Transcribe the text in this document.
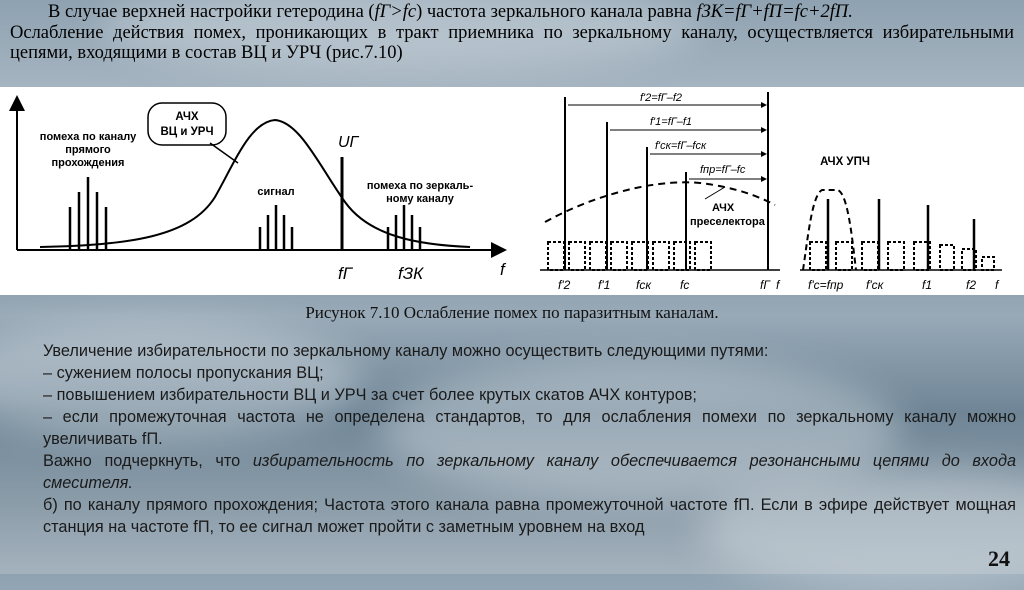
В случае верхней настройки гетеродина (fГ>fс) частота зеркального канала равна fЗК=fГ+fП=fс+2fП.

Ослабление действия помех, проникающих в тракт приемника по зеркальному каналу, осуществляется избирательными цепями, входящими в состав ВЦ и УРЧ (рис.7.10)

АЧХ
ВЦ и УРЧ
помеха по каналу
прямого
прохождения
сигнал
UГ
помеха по зеркаль-
ному каналу
fГ	fЗК	f
f'2=fГ–f2
f'1=fГ–f1
f'ск=fГ–fск
fпр=fГ–fс
АЧХ
преселектора
f'2 f'1 fск fс	fГ f
АЧХ УПЧ
f'с=fпр f'ск	f1	f2 f
Рисунок 7.10 Ослабление помех по паразитным каналам.

Увеличение избирательности по зеркальному каналу можно осуществить следующими путями:

– сужением полосы пропускания ВЦ;

– повышением избирательности ВЦ и УРЧ за счет более крутых скатов АЧХ контуров;

– если промежуточная частота не определена стандартов, то для ослабления помехи по зеркальному каналу можно увеличивать fП.

Важно подчеркнуть, что избирательность по зеркальному каналу обеспечивается резонансными цепями до входа смесителя.

б) по каналу прямого прохождения; Частота этого канала равна промежуточной частоте fП. Если в эфире действует мощная станция на частоте fП, то ее сигнал может пройти с заметным уровнем на вход

24
